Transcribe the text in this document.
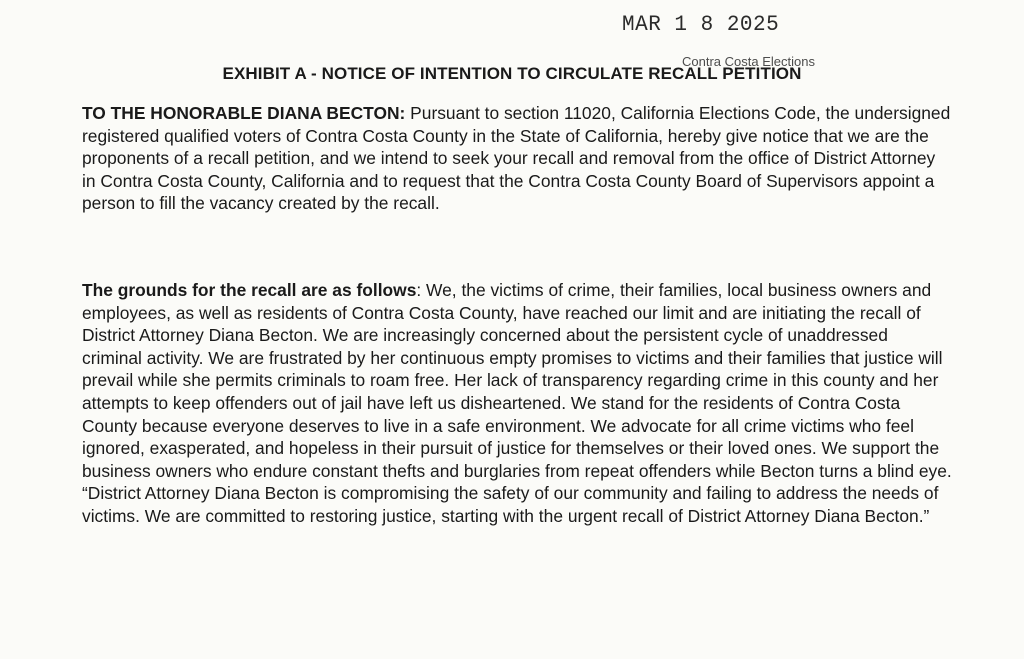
MAR 1 8 2025
Contra Costa Elections
EXHIBIT A - NOTICE OF INTENTION TO CIRCULATE RECALL PETITION

TO THE HONORABLE DIANA BECTON: Pursuant to section 11020, California Elections Code, the undersigned registered qualified voters of Contra Costa County in the State of California, hereby give notice that we are the proponents of a recall petition, and we intend to seek your recall and removal from the office of District Attorney in Contra Costa County, California and to request that the Contra Costa County Board of Supervisors appoint a person to fill the vacancy created by the recall.

The grounds for the recall are as follows: We, the victims of crime, their families, local business owners and employees, as well as residents of Contra Costa County, have reached our limit and are initiating the recall of District Attorney Diana Becton. We are increasingly concerned about the persistent cycle of unaddressed criminal activity. We are frustrated by her continuous empty promises to victims and their families that justice will prevail while she permits criminals to roam free. Her lack of transparency regarding crime in this county and her attempts to keep offenders out of jail have left us disheartened. We stand for the residents of Contra Costa County because everyone deserves to live in a safe environment. We advocate for all crime victims who feel ignored, exasperated, and hopeless in their pursuit of justice for themselves or their loved ones. We support the business owners who endure constant thefts and burglaries from repeat offenders while Becton turns a blind eye. “District Attorney Diana Becton is compromising the safety of our community and failing to address the needs of victims. We are committed to restoring justice, starting with the urgent recall of District Attorney Diana Becton.”
